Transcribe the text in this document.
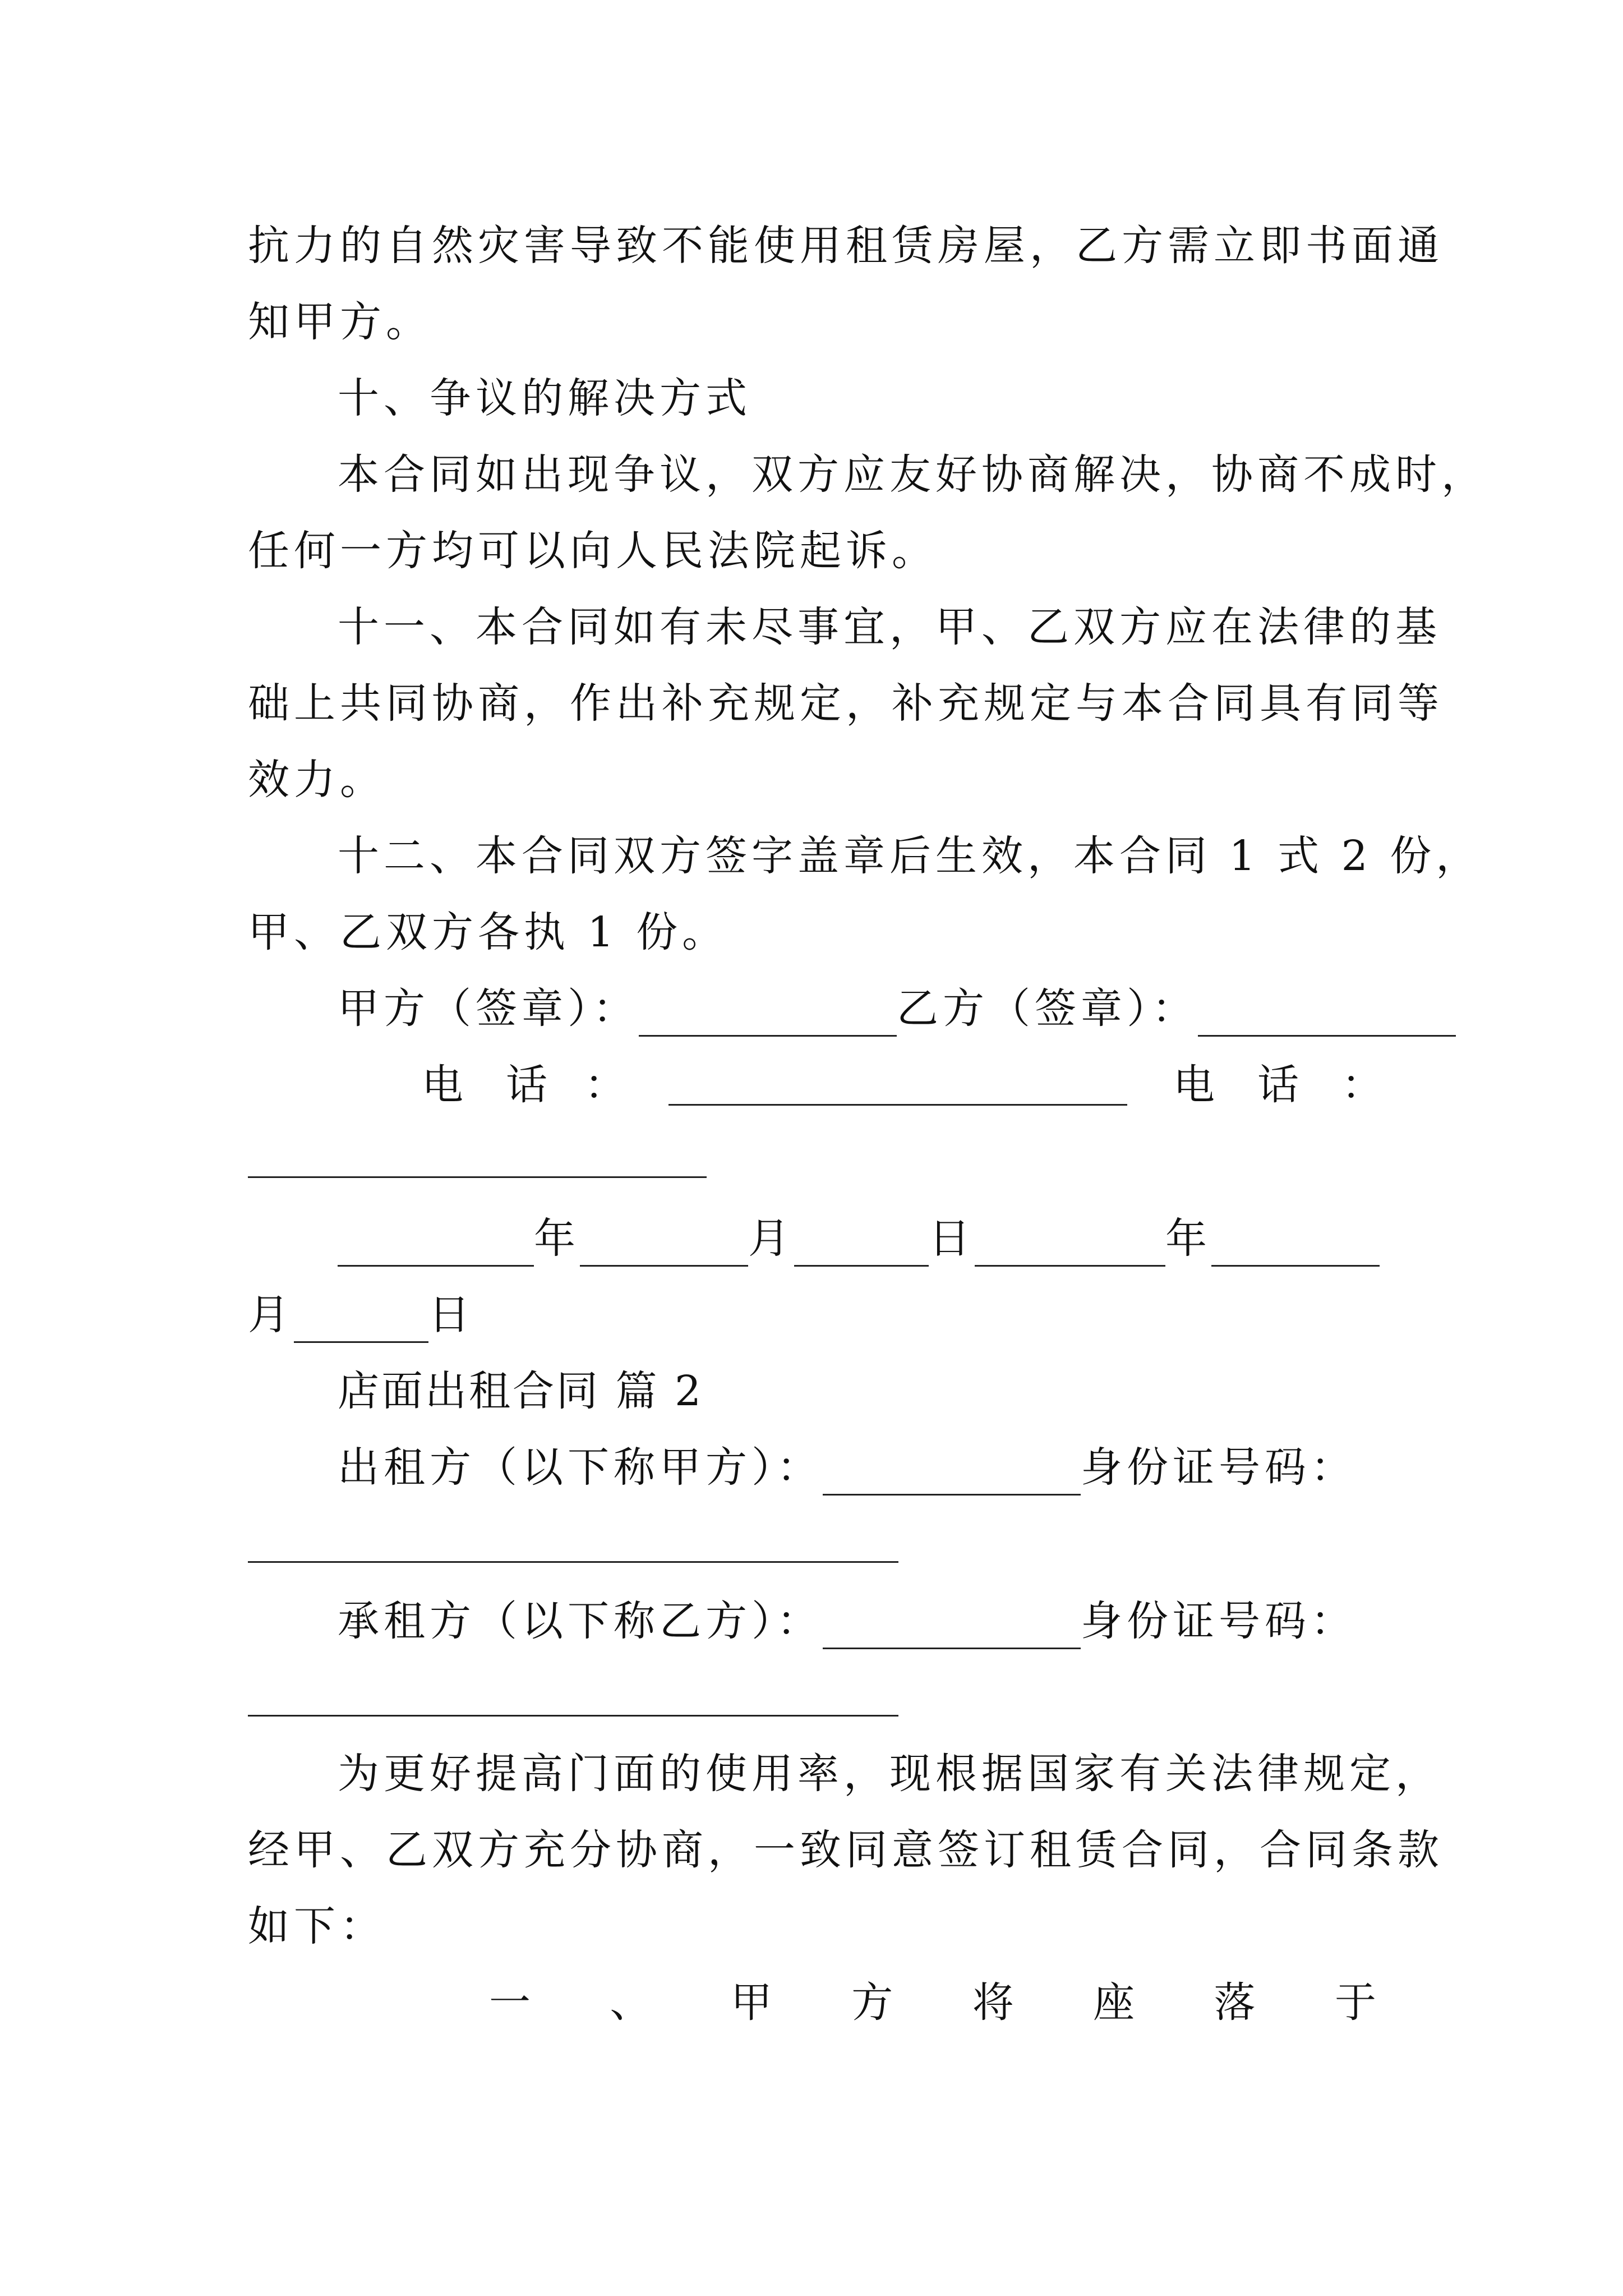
抗力的自然灾害导致不能使用租赁房屋，乙方需立即书面通
知甲方。
十、争议的解决方式
本合同如出现争议，双方应友好协商解决，协商不成时，
任何一方均可以向人民法院起诉。
十一、本合同如有未尽事宜，甲、乙双方应在法律的基
础上共同协商，作出补充规定，补充规定与本合同具有同等
效力。
十二、本合同双方签字盖章后生效，本合同 1 式 2 份，
甲、乙双方各执 1 份。
甲方（签章）：	乙方（签章）：
电 话 ：	电 话 ：
年	月	日	年
月	日
店面出租合同 篇 2
出租方（以下称甲方）：	身份证号码：
承租方（以下称乙方）：	身份证号码：
为更好提高门面的使用率，现根据国家有关法律规定，
经甲、乙双方充分协商，一致同意签订租赁合同，合同条款
如下：
一 、 甲 方 将 座 落 于
